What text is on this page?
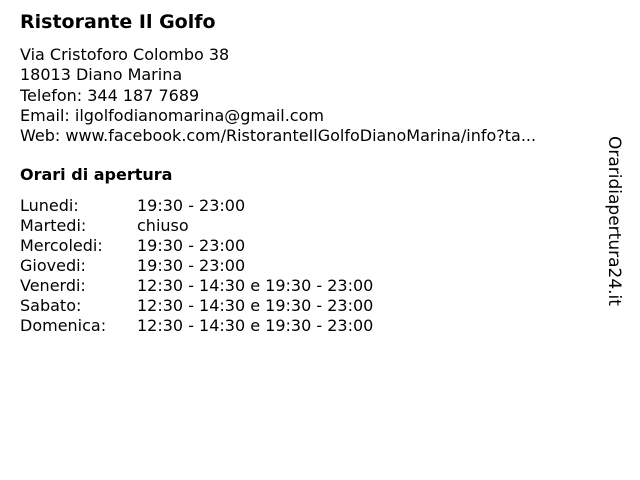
Ristorante Il Golfo
Via Cristoforo Colombo 38
18013 Diano Marina
Telefon: 344 187 7689
Email: ilgolfodianomarina@gmail.com
Web: www.facebook.com/RistoranteIlGolfoDianoMarina/info?ta...
Orari di apertura
Lunedi:	19:30 - 23:00
Martedi:	chiuso
Mercoledi:	19:30 - 23:00
Giovedi:	19:30 - 23:00
Venerdi:	12:30 - 14:30 e 19:30 - 23:00
Sabato:	12:30 - 14:30 e 19:30 - 23:00
Domenica:	12:30 - 14:30 e 19:30 - 23:00
Oraridiapertura24.it
